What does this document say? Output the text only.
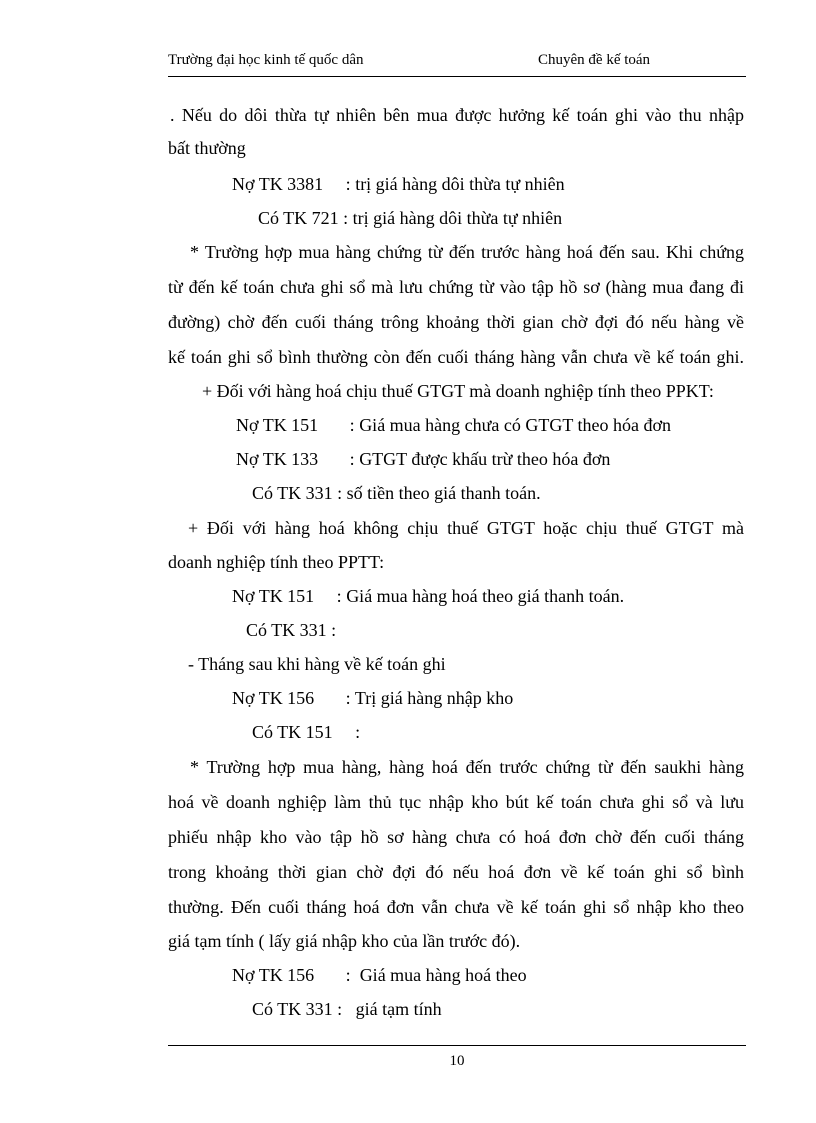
Trường đại học kinh tế quốc dân	Chuyên đề kế toán
. Nếu do dôi thừa tự nhiên bên mua được hưởng kế toán ghi vào thu nhập
bất thường
Nợ TK 3381     : trị giá hàng dôi thừa tự nhiên
Có TK 721 : trị giá hàng dôi thừa tự nhiên
* Trường hợp mua hàng chứng từ đến trước hàng hoá đến sau. Khi chứng
từ đến kế toán chưa ghi sổ mà lưu chứng từ vào tập hồ sơ (hàng mua đang đi
đường) chờ đến cuối tháng trông khoảng thời gian chờ đợi đó nếu hàng về
kế toán ghi sổ bình thường còn đến cuối tháng hàng vẫn chưa về kế toán ghi.
+ Đối với hàng hoá chịu thuế GTGT mà doanh nghiệp tính theo PPKT:
Nợ TK 151       : Giá mua hàng chưa có GTGT theo hóa đơn
Nợ TK 133       : GTGT được khấu trừ theo hóa đơn
Có TK 331 : số tiền theo giá thanh toán.
+ Đối với hàng hoá không chịu thuế GTGT hoặc chịu thuế GTGT mà
doanh nghiệp tính theo PPTT:
Nợ TK 151     : Giá mua hàng hoá theo giá thanh toán.
Có TK 331 :
- Tháng sau khi hàng về kế toán ghi
Nợ TK 156       : Trị giá hàng nhập kho
Có TK 151     :
* Trường hợp mua hàng, hàng hoá đến trước chứng từ đến saukhi hàng
hoá về doanh nghiệp làm thủ tục nhập kho bút kế toán chưa ghi sổ và lưu
phiếu nhập kho vào tập hồ sơ hàng chưa có hoá đơn chờ đến cuối tháng
trong khoảng thời gian chờ đợi đó nếu hoá đơn về kế toán ghi sổ bình
thường. Đến cuối tháng hoá đơn vẫn chưa về kế toán ghi sổ nhập kho theo
giá tạm tính ( lấy giá nhập kho của lần trước đó).
Nợ TK 156       :  Giá mua hàng hoá theo
Có TK 331 :   giá tạm tính
10
